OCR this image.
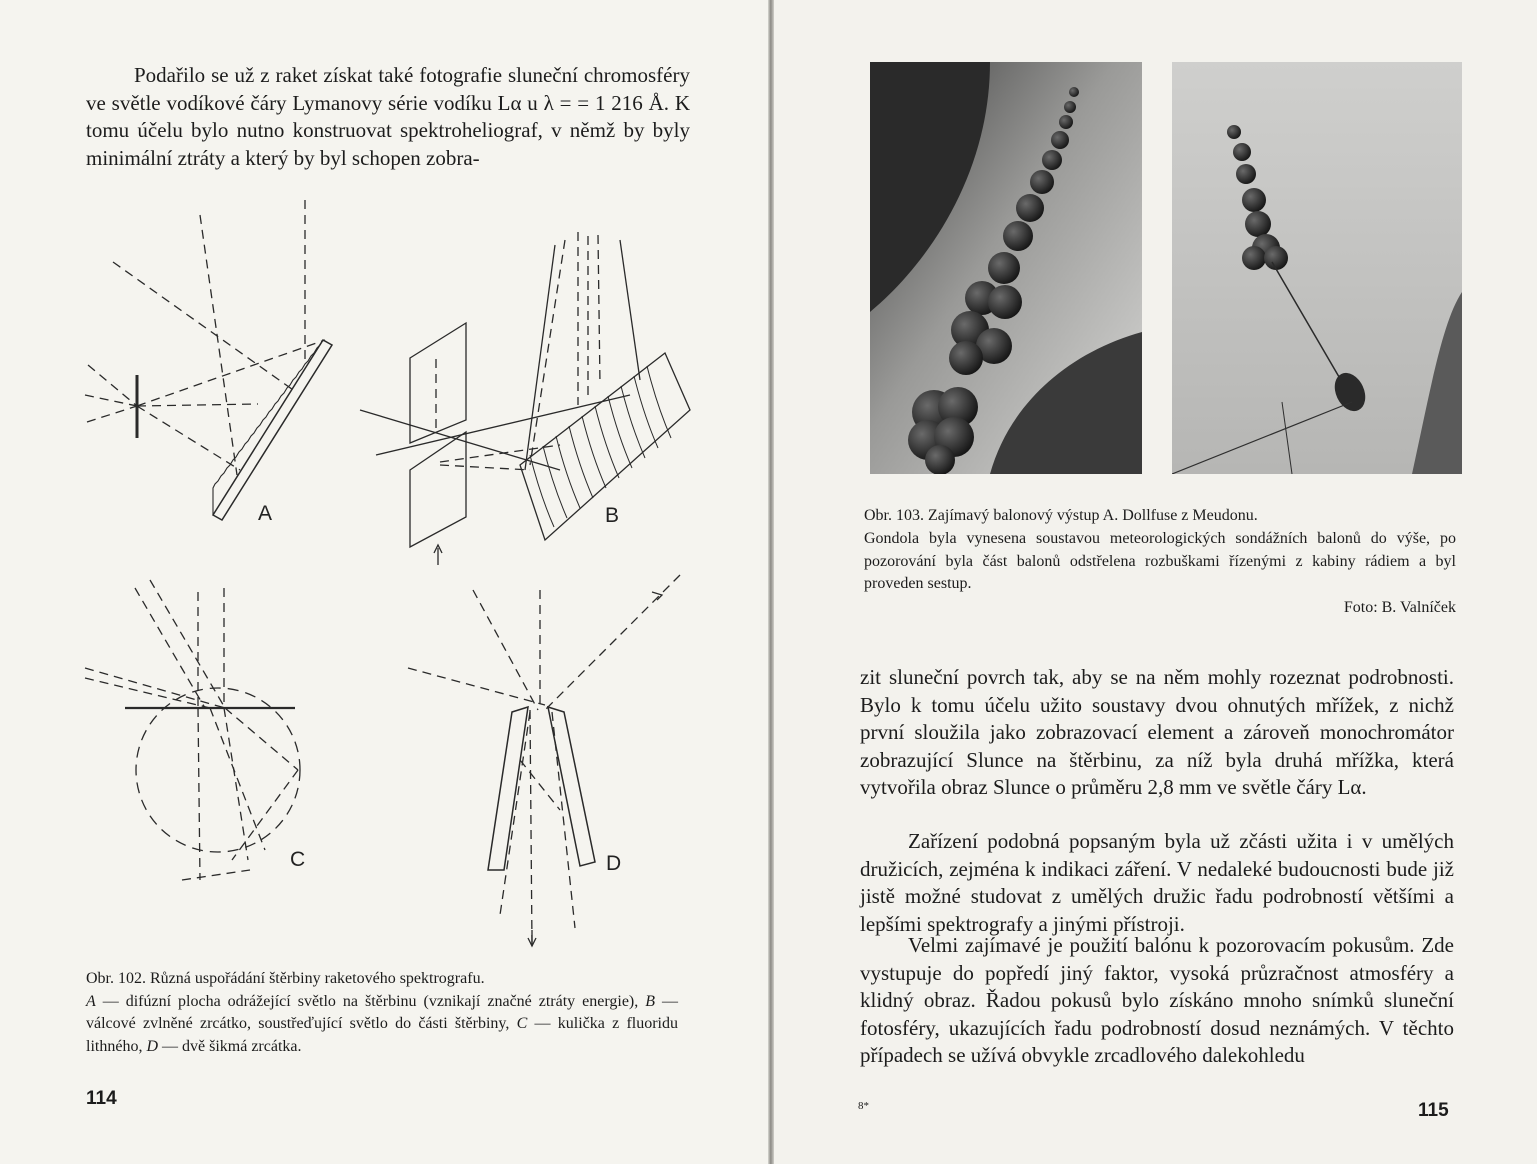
Podařilo se už z raket získat také fotografie sluneční chromosféry ve světle vodíkové čáry Lymanovy série vodíku Lα u λ = = 1 216 Å. K tomu účelu bylo nutno konstruovat spektroheliograf, v němž by byly minimální ztráty a který by byl schopen zobra-

A	B
C	D

Obr. 102. Různá uspořádání štěrbiny raketového spektrografu.
A — difúzní plocha odrážející světlo na štěrbinu (vznikají značné ztráty energie), B — válcové zvlněné zrcátko, soustřeďující světlo do části štěrbiny, C — kulička z fluoridu lithného, D — dvě šikmá zrcátka.

114

Obr. 103. Zajímavý balonový výstup A. Dollfuse z Meudonu.

Gondola byla vynesena soustavou meteorologických sondážních balonů do výše, po pozorování byla část balonů odstřelena rozbuškami řízenými z kabiny rádiem a byl proveden sestup.

Foto: B. Valníček

zit sluneční povrch tak, aby se na něm mohly rozeznat podrobnosti. Bylo k tomu účelu užito soustavy dvou ohnutých mřížek, z nichž první sloužila jako zobrazovací element a zároveň monochromátor zobrazující Slunce na štěrbinu, za níž byla druhá mřížka, která vytvořila obraz Slunce o průměru 2,8 mm ve světle čáry Lα.

Zařízení podobná popsaným byla už zčásti užita i v umělých družicích, zejména k indikaci záření. V nedaleké budoucnosti bude již jistě možné studovat z umělých družic řadu podrobností většími a lepšími spektrografy a jinými přístroji.

Velmi zajímavé je použití balónu k pozorovacím pokusům. Zde vystupuje do popředí jiný faktor, vysoká průzračnost atmosféry a klidný obraz. Řadou pokusů bylo získáno mnoho snímků sluneční fotosféry, ukazujících řadu podrobností dosud neznámých. V těchto případech se užívá obvykle zrcadlového dalekohledu

8*	115
